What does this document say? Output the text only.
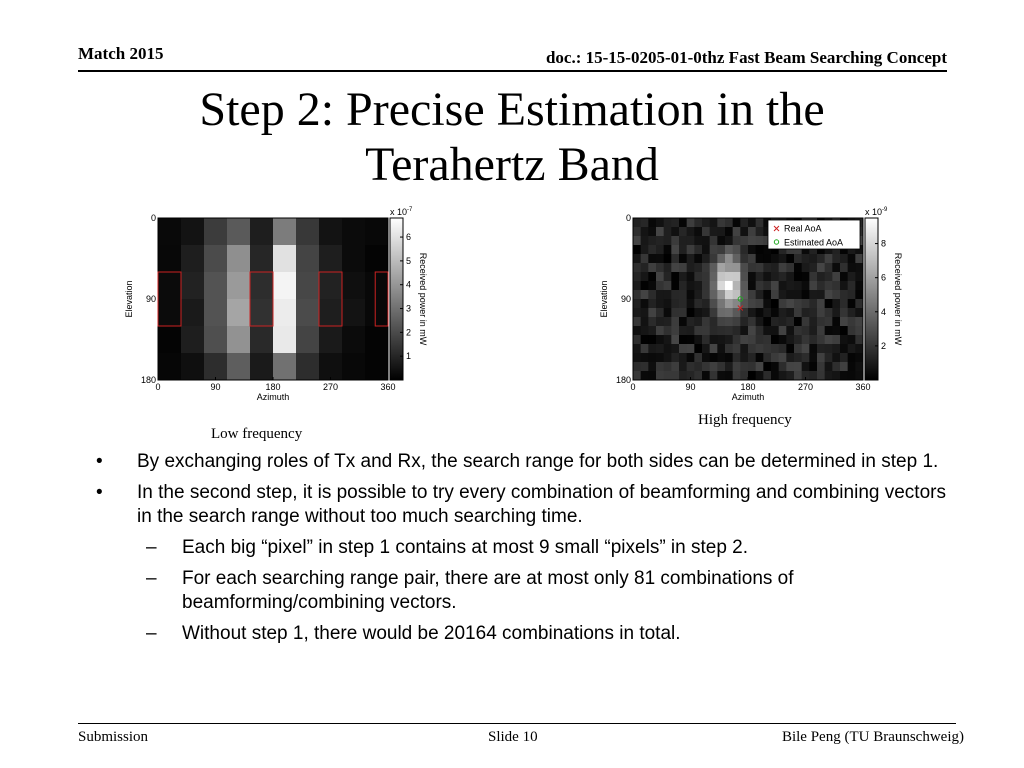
Match 2015	doc.: 15-15-0205-01-0thz Fast Beam Searching Concept
Step 2: Precise Estimation in the
Terahertz Band
0	90	180	270	360
0
90
180
Azimuth
Elevation
1
2
3
4
5
6
x $10^{-7}$
Received power in mW
Low frequency
0	90	180	270	360
0
90
180
Azimuth
Elevation
2
4
6
8
x $10^{-9}$
Received power in mW
Real AoA
Estimated AoA
High frequency
• By exchanging roles of Tx and Rx, the search range for both sides can be determined in step 1.
• In the second step, it is possible to try every combination of beamforming and combining vectors in the search range without too much searching time.
– Each big “pixel” in step 1 contains at most 9 small “pixels” in step 2.
– For each searching range pair, there are at most only 81 combinations of beamforming/combining vectors.
– Without step 1, there would be 20164 combinations in total.
Submission	Slide 10	Bile Peng (TU Braunschweig)
